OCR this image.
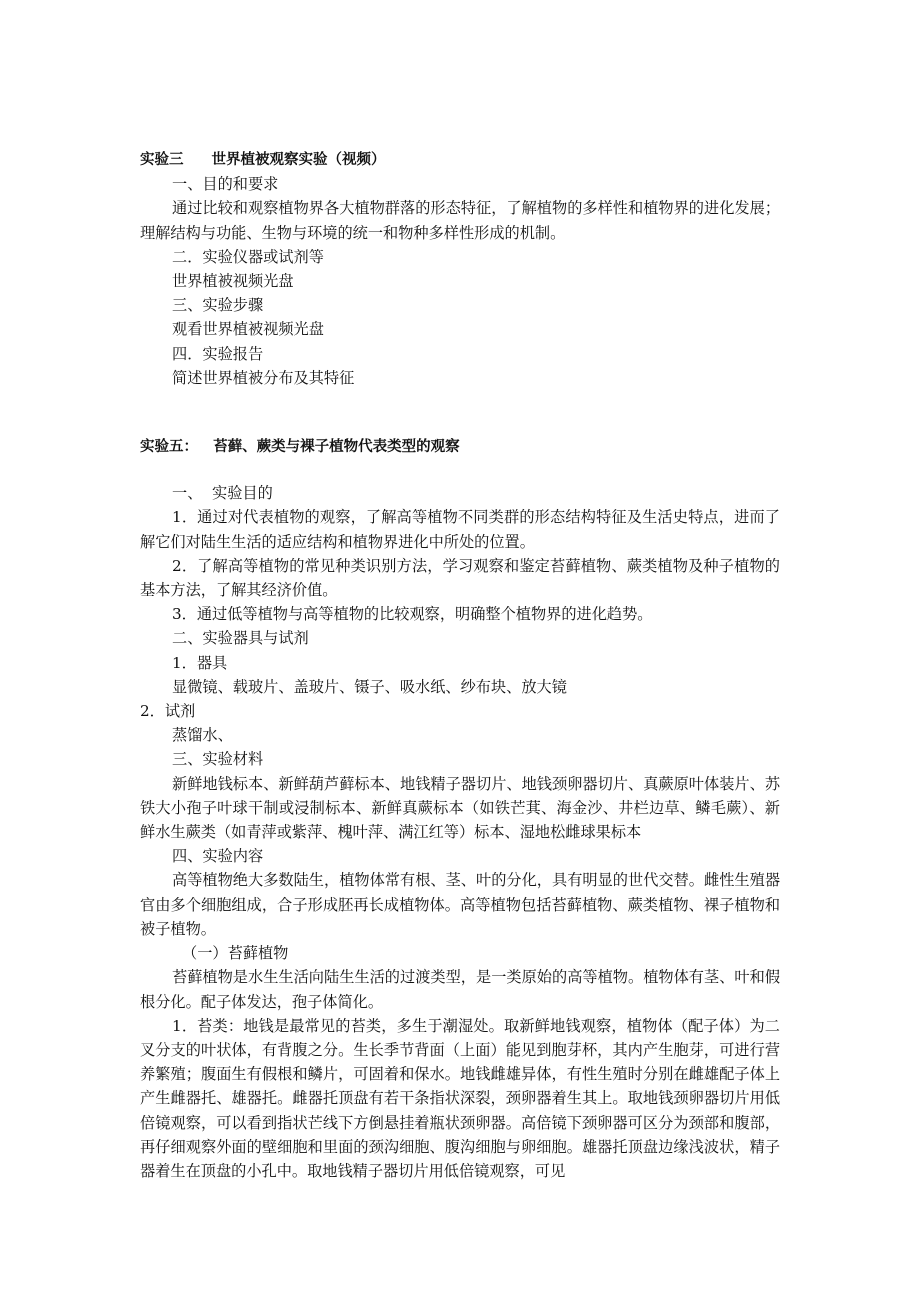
实验三 世界植被观察实验（视频）

一、目的和要求

通过比较和观察植物界各大植物群落的形态特征，了解植物的多样性和植物界的进化发展；理解结构与功能、生物与环境的统一和物种多样性形成的机制。

二．实验仪器或试剂等

世界植被视频光盘

三、实验步骤

观看世界植被视频光盘

四．实验报告

简述世界植被分布及其特征

实验五：   苔藓、蕨类与裸子植物代表类型的观察

一、  实验目的

1．通过对代表植物的观察，了解高等植物不同类群的形态结构特征及生活史特点，进而了解它们对陆生生活的适应结构和植物界进化中所处的位置。

2．了解高等植物的常见种类识别方法，学习观察和鉴定苔藓植物、蕨类植物及种子植物的基本方法，了解其经济价值。

3．通过低等植物与高等植物的比较观察，明确整个植物界的进化趋势。

二、实验器具与试剂

1．器具

显微镜、载玻片、盖玻片、镊子、吸水纸、纱布块、放大镜

2．试剂

蒸馏水、

三、实验材料

新鲜地钱标本、新鲜葫芦藓标本、地钱精子器切片、地钱颈卵器切片、真蕨原叶体装片、苏铁大小孢子叶球干制或浸制标本、新鲜真蕨标本（如铁芒萁、海金沙、井栏边草、鳞毛蕨）、新鲜水生蕨类（如青萍或紫萍、槐叶萍、满江红等）标本、湿地松雌球果标本

四、实验内容

高等植物绝大多数陆生，植物体常有根、茎、叶的分化，具有明显的世代交替。雌性生殖器官由多个细胞组成，合子形成胚再长成植物体。高等植物包括苔藓植物、蕨类植物、裸子植物和被子植物。

（一）苔藓植物

苔藓植物是水生生活向陆生生活的过渡类型，是一类原始的高等植物。植物体有茎、叶和假根分化。配子体发达，孢子体简化。

1．苔类：地钱是最常见的苔类，多生于潮湿处。取新鲜地钱观察，植物体（配子体）为二叉分支的叶状体，有背腹之分。生长季节背面（上面）能见到胞芽杯，其内产生胞芽，可进行营养繁殖；腹面生有假根和鳞片，可固着和保水。地钱雌雄异体，有性生殖时分别在雌雄配子体上产生雌器托、雄器托。雌器托顶盘有若干条指状深裂，颈卵器着生其上。取地钱颈卵器切片用低倍镜观察，可以看到指状芒线下方倒悬挂着瓶状颈卵器。高倍镜下颈卵器可区分为颈部和腹部，再仔细观察外面的壁细胞和里面的颈沟细胞、腹沟细胞与卵细胞。雄器托顶盘边缘浅波状，精子器着生在顶盘的小孔中。取地钱精子器切片用低倍镜观察，可见
